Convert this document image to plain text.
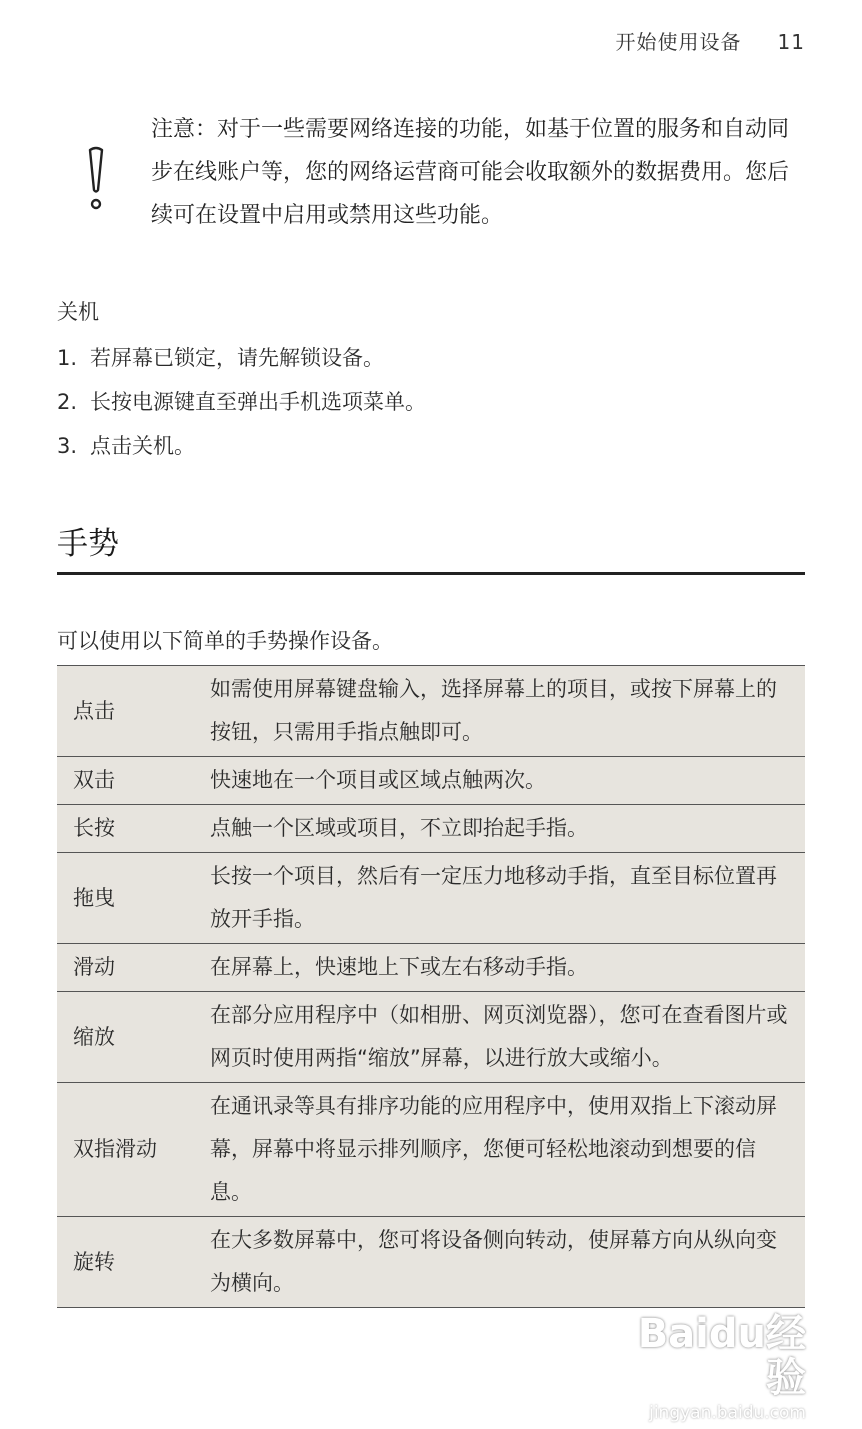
开始使用设备 11
注意：对于一些需要网络连接的功能，如基于位置的服务和自动同步在线账户等，您的网络运营商可能会收取额外的数据费用。您后续可在设置中启用或禁用这些功能。

关机

1. 若屏幕已锁定，请先解锁设备。
2. 长按电源键直至弹出手机选项菜单。
3. 点击关机。
手势
可以使用以下简单的手势操作设备。
点击	如需使用屏幕键盘输入，选择屏幕上的项目，或按下屏幕上的按钮，只需用手指点触即可。
双击	快速地在一个项目或区域点触两次。
长按	点触一个区域或项目，不立即抬起手指。
拖曳	长按一个项目，然后有一定压力地移动手指，直至目标位置再放开手指。
滑动	在屏幕上，快速地上下或左右移动手指。
缩放	在部分应用程序中（如相册、网页浏览器），您可在查看图片或网页时使用两指“缩放”屏幕，以进行放大或缩小。
双指滑动	在通讯录等具有排序功能的应用程序中，使用双指上下滚动屏幕，屏幕中将显示排列顺序，您便可轻松地滚动到想要的信息。
旋转	在大多数屏幕中，您可将设备侧向转动，使屏幕方向从纵向变为横向。
Baidu经验
jingyan.baidu.com
